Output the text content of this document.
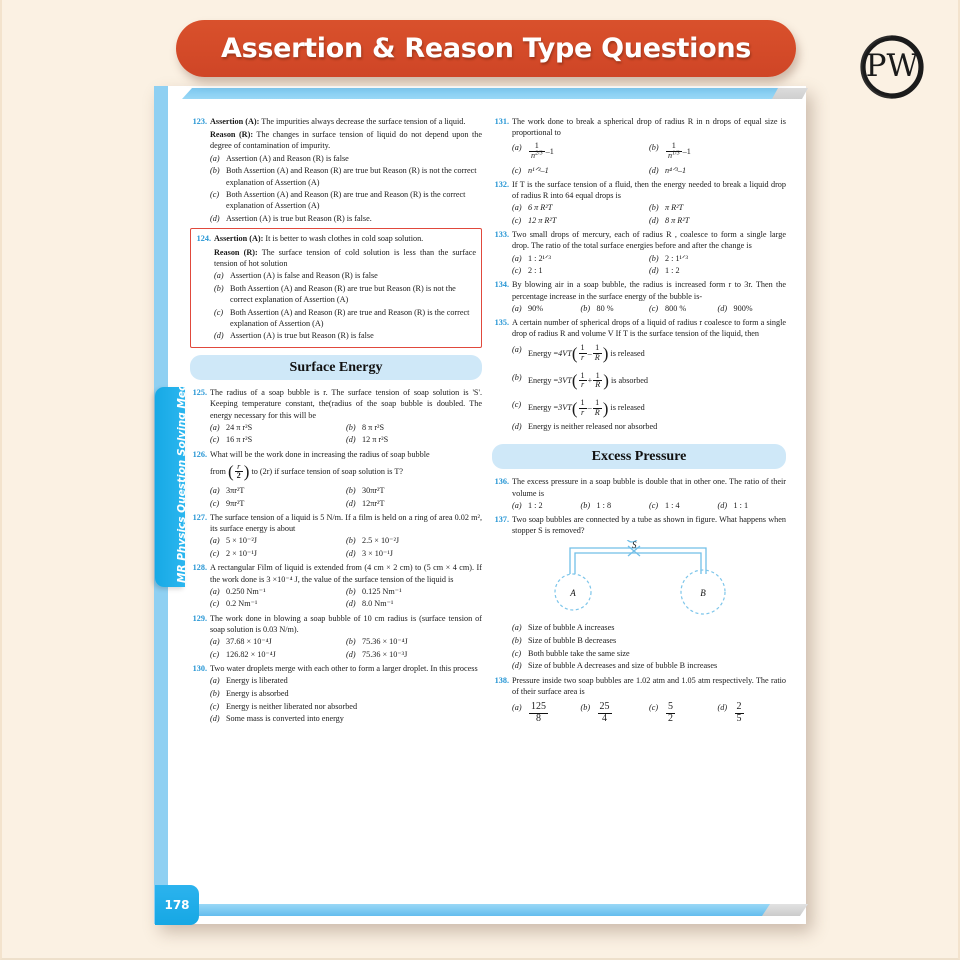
Assertion & Reason Type Questions	PW
MR Physics Question Solving Med Easy
178
123. Assertion (A): The impurities always decrease the surface tension of a liquid.
Reason (R): The changes in surface tension of liquid do not depend upon the degree of contamination of impurity.
(a) Assertion (A) and Reason (R) is false
(b) Both Assertion (A) and Reason (R) are true but Reason (R) is not the correct explanation of Assertion (A)
(c) Both Assertion (A) and Reason (R) are true and Reason (R) is the correct explanation of Assertion (A)
(d) Assertion (A) is true but Reason (R) is false.
124. Assertion (A): It is better to wash clothes in cold soap solution.
Reason (R): The surface tension of cold solution is less than the surface tension of hot solution
(a) Assertion (A) is false and Reason (R) is false
(b) Both Assertion (A) and Reason (R) are true but Reason (R) is not the correct explanation of Assertion (A)
(c) Both Assertion (A) and Reason (R) are true and Reason (R) is the correct explanation of Assertion (A)
(d) Assertion (A) is true but Reason (R) is false
Surface Energy
125. The radius of a soap bubble is r. The surface tension of soap solution is 'S'. Keeping temperature constant, the(radius of the soap bubble is doubled. The energy necessary for this will be
(a) 24 π r²S	(b) 8 π r²S
(c) 16 π r²S	(d) 12 π r²S
126. What will be the work done in increasing the radius of soap bubble
from
( $\frac{r}{2}$ )
to (2r) if surface tension of soap solution is T?
(a) 3πr²T	(b) 30πr²T
(c) 9πr²T	(d) 12πr²T
127. The surface tension of a liquid is 5 N/m. If a film is held on a ring of area 0.02 m², its surface energy is about
(a) 5 × 10⁻²J	(b) 2.5 × 10⁻²J
(c) 2 × 10⁻¹J	(d) 3 × 10⁻¹J
128. A rectangular Film of liquid is extended from (4 cm × 2 cm) to (5 cm × 4 cm). If the work done is 3 ×10⁻⁴ J, the value of the surface tension of the liquid is
(a) 0.250 Nm⁻¹	(b) 0.125 Nm⁻¹
(c) 0.2 Nm⁻¹	(d) 8.0 Nm⁻¹
129. The work done in blowing a soap bubble of 10 cm radius is (surface tension of soap solution is 0.03 N/m).
(a) 37.68 × 10⁻⁴J	(b) 75.36 × 10⁻⁴J
(c) 126.82 × 10⁻⁴J	(d) 75.36 × 10⁻³J
130. Two water droplets merge with each other to form a larger droplet. In this process
(a) Energy is liberated
(b) Energy is absorbed
(c) Energy is neither liberated nor absorbed
(d) Some mass is converted into energy
131. The work done to break a spherical drop of radius R in n drops of equal size is proportional to
$(a) \frac{1}{n^{2/3}} -1$	$(b) \frac{1}{n^{1/3}} -1$
(c) n¹ᐟ³–1	(d) n⁴ᐟ³–1
132. If T is the surface tension of a fluid, then the energy needed to break a liquid drop of radius R into 64 equal drops is
(a) 6 π R²T	(b) π R²T
(c) 12 π R²T	(d) 8 π R²T
133. Two small drops of mercury, each of radius R , coalesce to form a single large drop. The ratio of the total surface energies before and after the change is
(a) 1 : 2¹ᐟ³	(b) 2 : 1¹ᐟ³
(c) 2 : 1	(d) 1 : 2
134. By blowing air in a soap bubble, the radius is increased form r to 3r. Then the percentage increase in the surface energy of the bubble is-
(a) 90%	(b) 80 %	(c) 800 %	(d) 900%
135. A certain number of spherical drops of a liquid of radius r coalesce to form a single drop of radius R and volume V If T is the surface tension of the liquid, then
(a) Energy
= 4VT ( $\frac{1}{r} - \frac{1}{R}$ )
is released

(b) Energy
= 3VT ( $\frac{1}{r} + \frac{1}{R}$ )
is absorbed

(c) Energy
= 3VT ( $\frac{1}{r} - \frac{1}{R}$ )
is released
(d) Energy is neither released nor absorbed
Excess Pressure
136. The excess pressure in a soap bubble is double that in other one. The ratio of their volume is
(a) 1 : 2	(b) 1 : 8	(c) 1 : 4	(d) 1 : 1
137. Two soap bubbles are connected by a tube as shown in figure. What happens when stopper S is removed?
S
A	B
(a) Size of bubble A increases
(b) Size of bubble B decreases
(c) Both bubble take the same size
(d) Size of bubble A decreases and size of bubble B increases
138. Pressure inside two soap bubbles are 1.02 atm and 1.05 atm respectively. The ratio of their surface area is
$(a) \frac{125}{8}$	$(b) \frac{25}{4}$	$(c) \frac{5}{2}$	$(d) \frac{2}{5}$
